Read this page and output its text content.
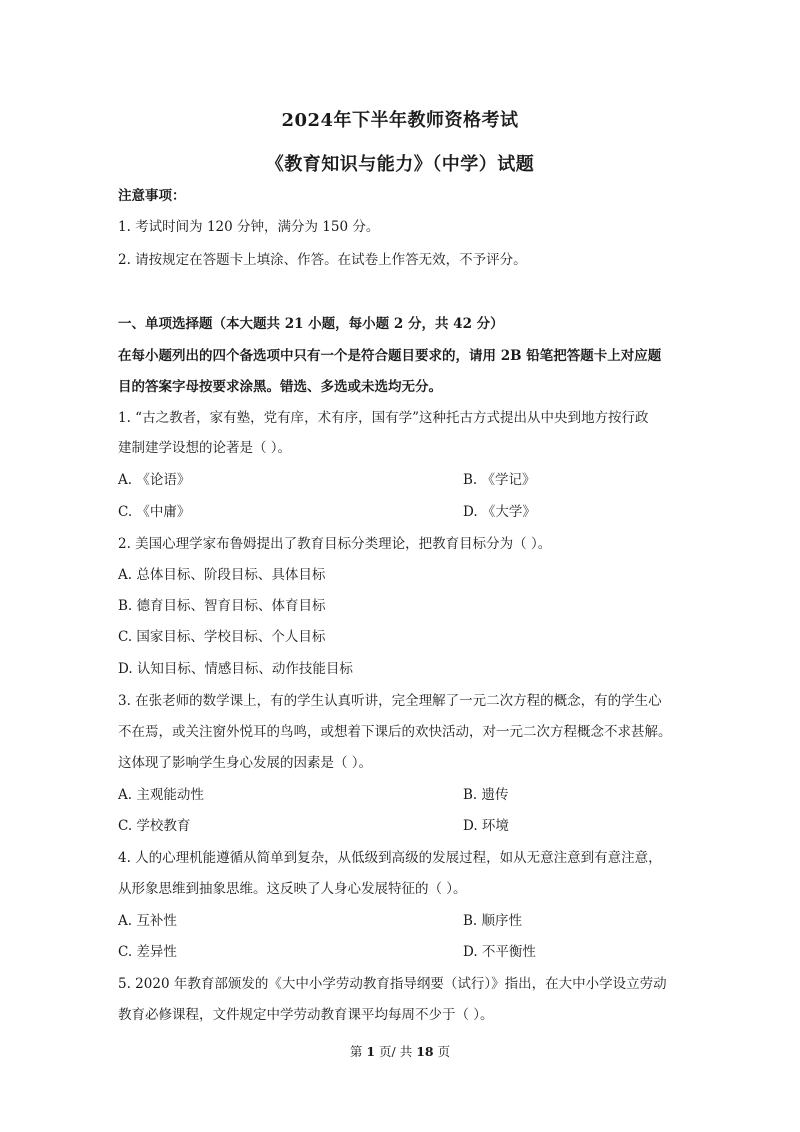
2024年下半年教师资格考试
《教育知识与能力》（中学）试题
注意事项：
1. 考试时间为 120 分钟，满分为 150 分。
2. 请按规定在答题卡上填涂、作答。在试卷上作答无效，不予评分。
一、单项选择题（本大题共 21 小题，每小题 2 分，共 42 分）
在每小题列出的四个备选项中只有一个是符合题目要求的，请用 2B 铅笔把答题卡上对应题
目的答案字母按要求涂黑。错选、多选或未选均无分。
1. “古之教者，家有塾，党有庠，术有序，国有学”这种托古方式提出从中央到地方按行政
建制建学设想的论著是（ ）。
A. 《论语》	B. 《学记》
C. 《中庸》	D. 《大学》
2. 美国心理学家布鲁姆提出了教育目标分类理论，把教育目标分为（ ）。
A. 总体目标、阶段目标、具体目标
B. 德育目标、智育目标、体育目标
C. 国家目标、学校目标、个人目标
D. 认知目标、情感目标、动作技能目标
3. 在张老师的数学课上，有的学生认真听讲，完全理解了一元二次方程的概念，有的学生心
不在焉，或关注窗外悦耳的鸟鸣，或想着下课后的欢快活动，对一元二次方程概念不求甚解。
这体现了影响学生身心发展的因素是（ ）。
A. 主观能动性	B. 遗传
C. 学校教育	D. 环境
4. 人的心理机能遵循从简单到复杂，从低级到高级的发展过程，如从无意注意到有意注意，
从形象思维到抽象思维。这反映了人身心发展特征的（ ）。
A. 互补性	B. 顺序性
C. 差异性	D. 不平衡性
5. 2020 年教育部颁发的《大中小学劳动教育指导纲要（试行）》指出，在大中小学设立劳动
教育必修课程，文件规定中学劳动教育课平均每周不少于（ ）。
第 1 页/ 共 18 页
